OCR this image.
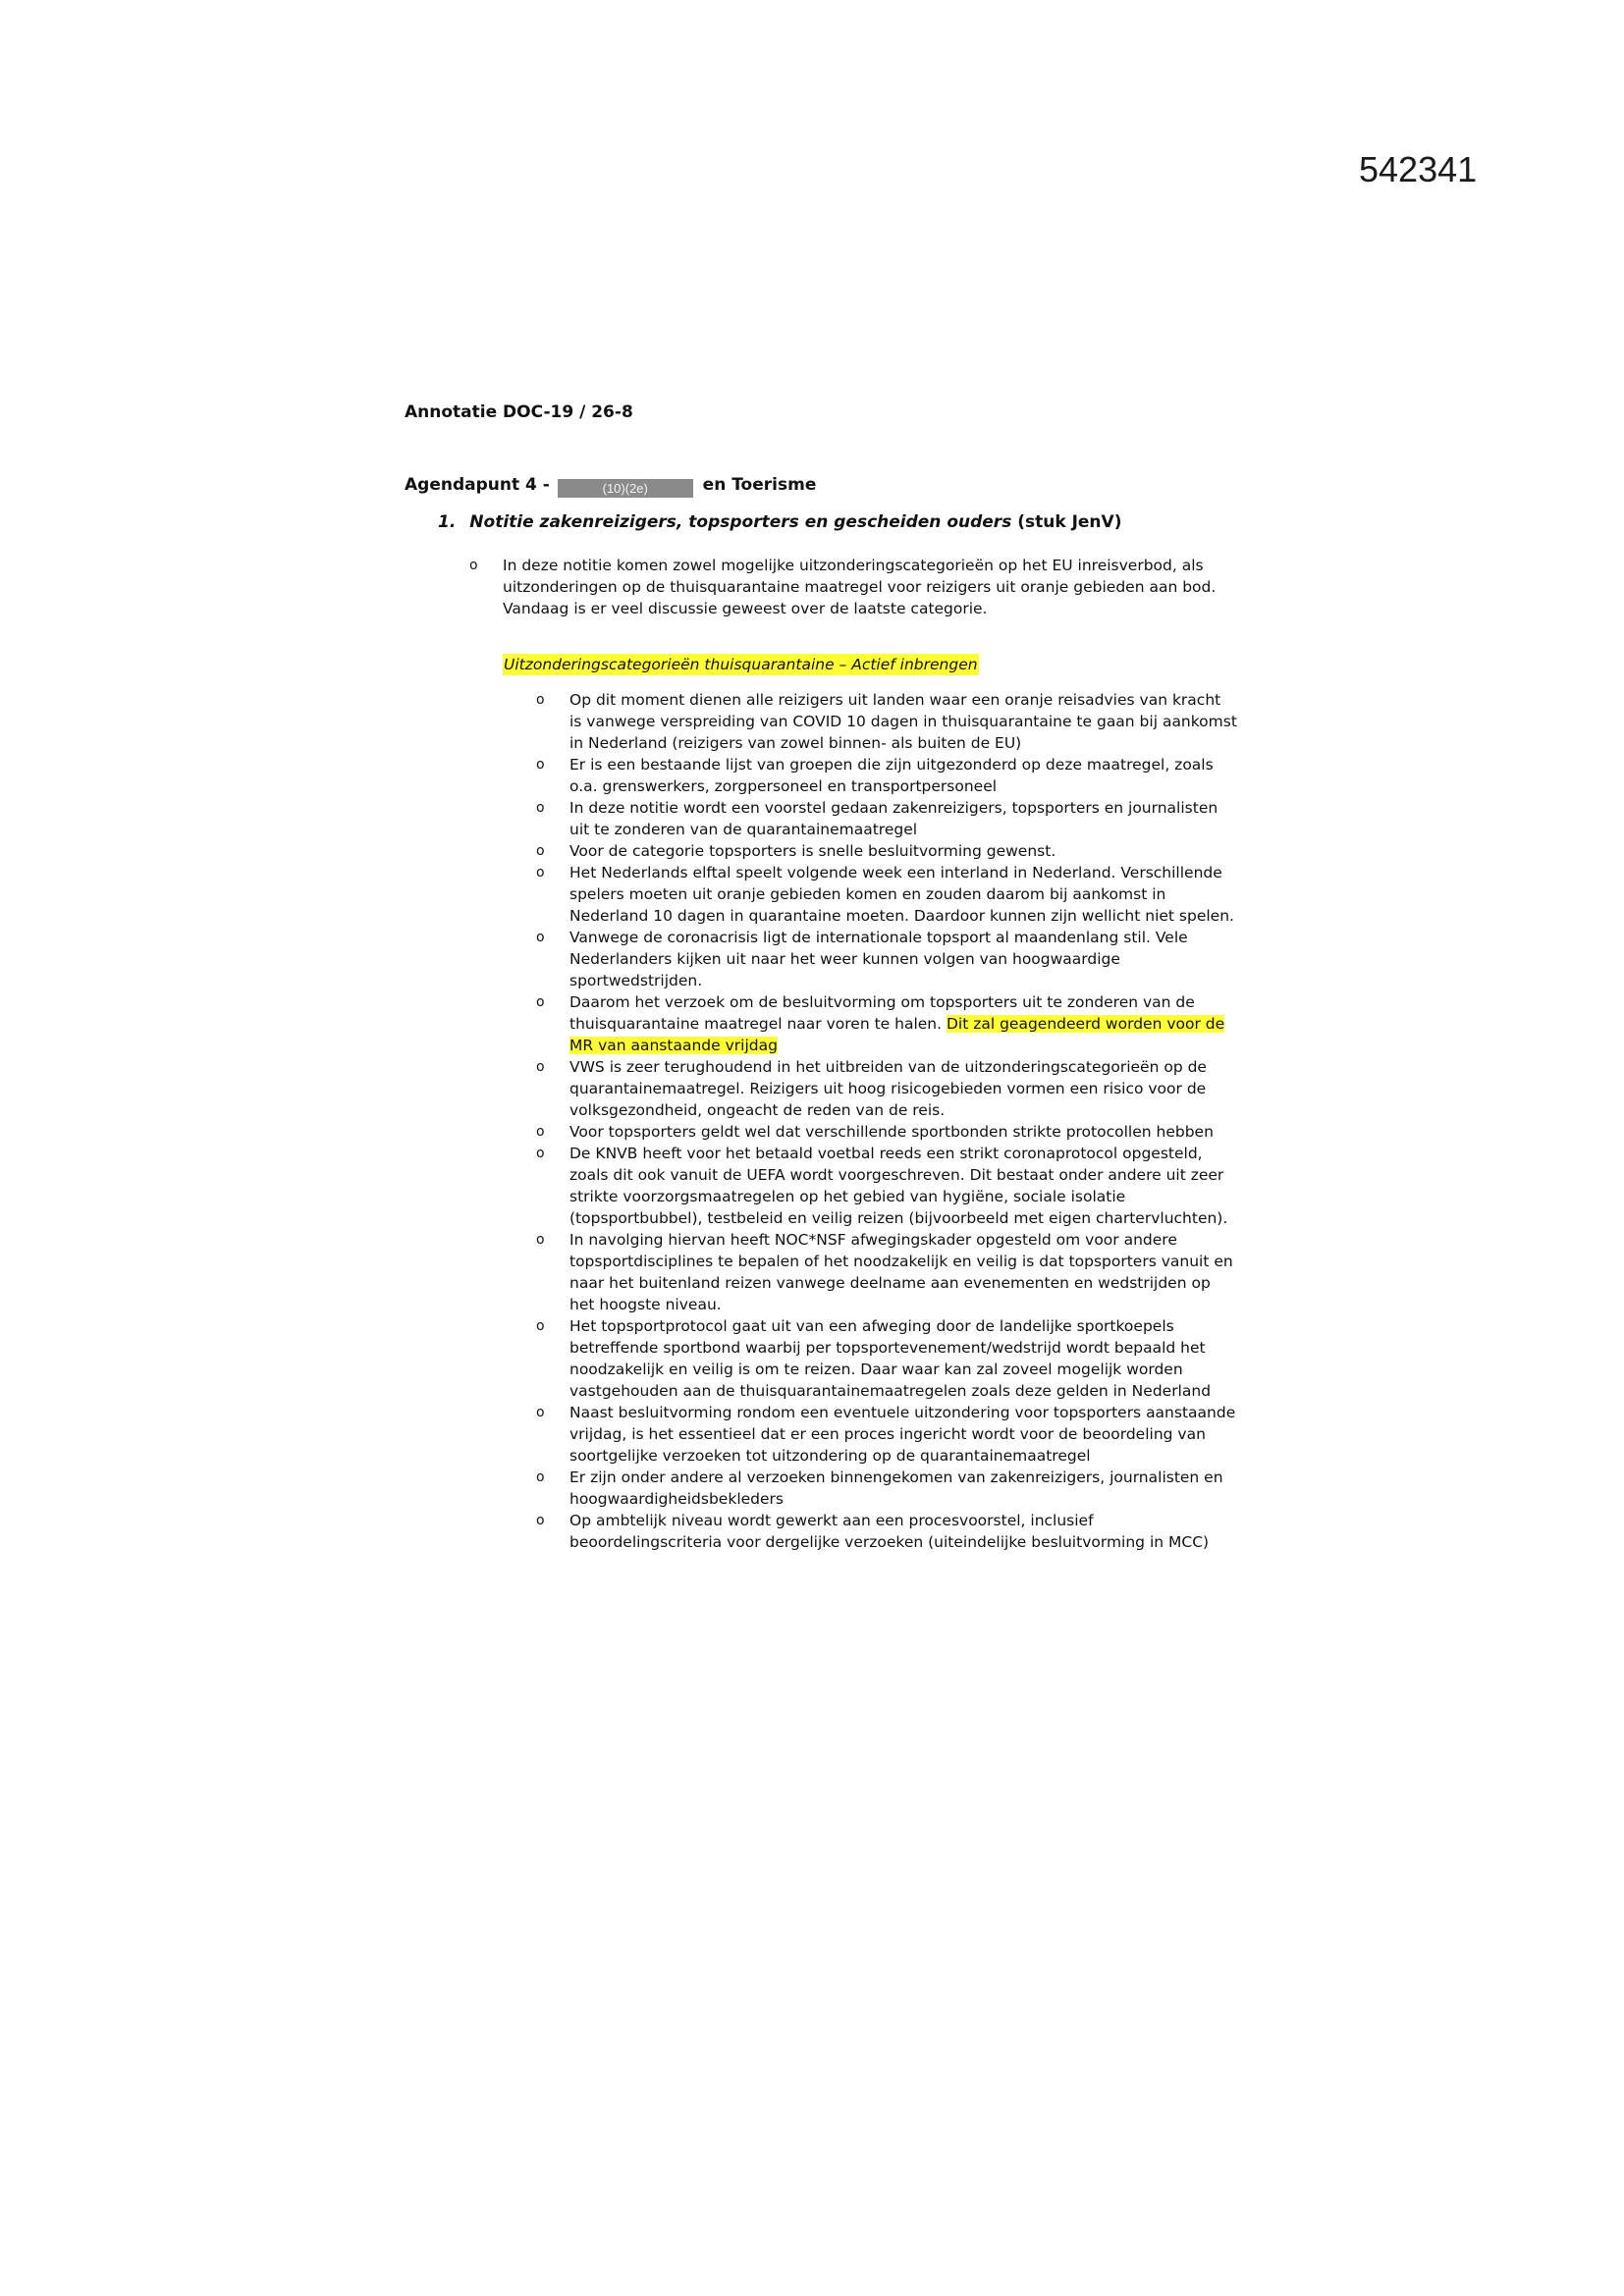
542341
Annotatie DOC-19 / 26-8
Agendapunt 4 -	(10)(2e)	en Toerisme
1. Notitie zakenreizigers, topsporters en gescheiden ouders (stuk JenV)
o In deze notitie komen zowel mogelijke uitzonderingscategorieën op het EU inreisverbod, als uitzonderingen op de thuisquarantaine maatregel voor reizigers uit oranje gebieden aan bod. Vandaag is er veel discussie geweest over de laatste categorie.
Uitzonderingscategorieën thuisquarantaine – Actief inbrengen
o Op dit moment dienen alle reizigers uit landen waar een oranje reisadvies van kracht is vanwege verspreiding van COVID 10 dagen in thuisquarantaine te gaan bij aankomst in Nederland (reizigers van zowel binnen- als buiten de EU)
o Er is een bestaande lijst van groepen die zijn uitgezonderd op deze maatregel, zoals o.a. grenswerkers, zorgpersoneel en transportpersoneel
o In deze notitie wordt een voorstel gedaan zakenreizigers, topsporters en journalisten uit te zonderen van de quarantainemaatregel
o Voor de categorie topsporters is snelle besluitvorming gewenst.
o Het Nederlands elftal speelt volgende week een interland in Nederland. Verschillende spelers moeten uit oranje gebieden komen en zouden daarom bij aankomst in Nederland 10 dagen in quarantaine moeten. Daardoor kunnen zijn wellicht niet spelen.
o Vanwege de coronacrisis ligt de internationale topsport al maandenlang stil. Vele Nederlanders kijken uit naar het weer kunnen volgen van hoogwaardige sportwedstrijden.
o Daarom het verzoek om de besluitvorming om topsporters uit te zonderen van de thuisquarantaine maatregel naar voren te halen. Dit zal geagendeerd worden voor de MR van aanstaande vrijdag
o VWS is zeer terughoudend in het uitbreiden van de uitzonderingscategorieën op de quarantainemaatregel. Reizigers uit hoog risicogebieden vormen een risico voor de volksgezondheid, ongeacht de reden van de reis.
o Voor topsporters geldt wel dat verschillende sportbonden strikte protocollen hebben
o De KNVB heeft voor het betaald voetbal reeds een strikt coronaprotocol opgesteld, zoals dit ook vanuit de UEFA wordt voorgeschreven. Dit bestaat onder andere uit zeer strikte voorzorgsmaatregelen op het gebied van hygiëne, sociale isolatie (topsportbubbel), testbeleid en veilig reizen (bijvoorbeeld met eigen chartervluchten).
o In navolging hiervan heeft NOC*NSF afwegingskader opgesteld om voor andere topsportdisciplines te bepalen of het noodzakelijk en veilig is dat topsporters vanuit en naar het buitenland reizen vanwege deelname aan evenementen en wedstrijden op het hoogste niveau.
o Het topsportprotocol gaat uit van een afweging door de landelijke sportkoepels betreffende sportbond waarbij per topsportevenement/wedstrijd wordt bepaald het noodzakelijk en veilig is om te reizen. Daar waar kan zal zoveel mogelijk worden vastgehouden aan de thuisquarantainemaatregelen zoals deze gelden in Nederland
o Naast besluitvorming rondom een eventuele uitzondering voor topsporters aanstaande vrijdag, is het essentieel dat er een proces ingericht wordt voor de beoordeling van soortgelijke verzoeken tot uitzondering op de quarantainemaatregel
o Er zijn onder andere al verzoeken binnengekomen van zakenreizigers, journalisten en hoogwaardigheidsbekleders
o Op ambtelijk niveau wordt gewerkt aan een procesvoorstel, inclusief beoordelingscriteria voor dergelijke verzoeken (uiteindelijke besluitvorming in MCC)
